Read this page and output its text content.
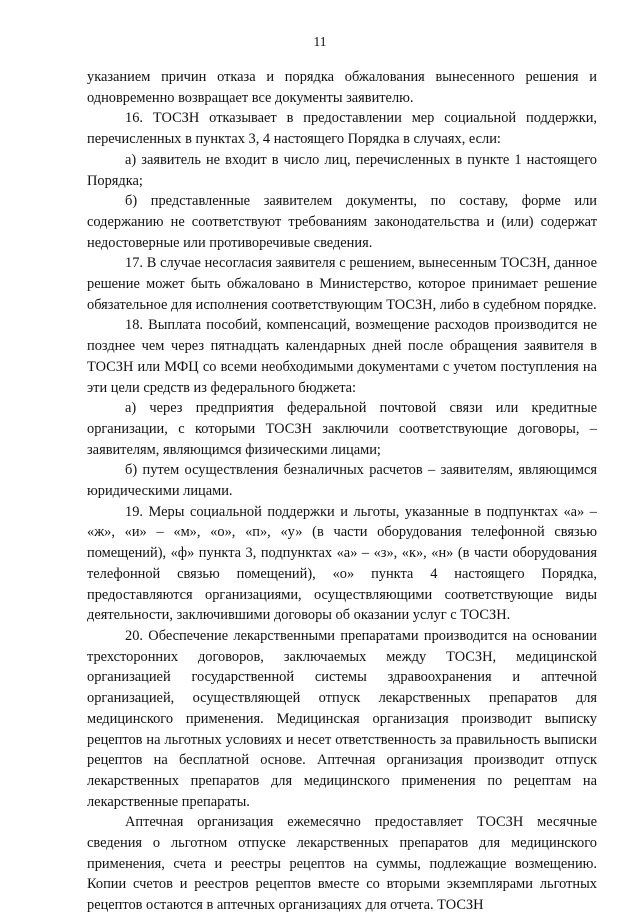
11

указанием причин отказа и порядка обжалования вынесенного решения и одновременно возвращает все документы заявителю.

16. ТОСЗН отказывает в предоставлении мер социальной поддержки, перечисленных в пунктах 3, 4 настоящего Порядка в случаях, если:

а) заявитель не входит в число лиц, перечисленных в пункте 1 настоящего Порядка;

б) представленные заявителем документы, по составу, форме или содержанию не соответствуют требованиям законодательства и (или) содержат недостоверные или противоречивые сведения.

17. В случае несогласия заявителя с решением, вынесенным ТОСЗН, данное решение может быть обжаловано в Министерство, которое принимает решение обязательное для исполнения соответствующим ТОСЗН, либо в судебном порядке.

18. Выплата пособий, компенсаций, возмещение расходов производится не позднее чем через пятнадцать календарных дней после обращения заявителя в ТОСЗН или МФЦ со всеми необходимыми документами с учетом поступления на эти цели средств из федерального бюджета:

а) через предприятия федеральной почтовой связи или кредитные организации, с которыми ТОСЗН заключили соответствующие договоры, – заявителям, являющимся физическими лицами;

б) путем осуществления безналичных расчетов – заявителям, являющимся юридическими лицами.

19. Меры социальной поддержки и льготы, указанные в подпунктах «а» – «ж», «и» – «м», «о», «п», «у» (в части оборудования телефонной связью помещений), «ф» пункта 3, подпунктах «а» – «з», «к», «н» (в части оборудования телефонной связью помещений), «о» пункта 4 настоящего Порядка, предоставляются организациями, осуществляющими соответствующие виды деятельности, заключившими договоры об оказании услуг с ТОСЗН.

20. Обеспечение лекарственными препаратами производится на основании трехсторонних договоров, заключаемых между ТОСЗН, медицинской организацией государственной системы здравоохранения и аптечной организацией, осуществляющей отпуск лекарственных препаратов для медицинского применения. Медицинская организация производит выписку рецептов на льготных условиях и несет ответственность за правильность выписки рецептов на бесплатной основе. Аптечная организация производит отпуск лекарственных препаратов для медицинского применения по рецептам на лекарственные препараты.

Аптечная организация ежемесячно предоставляет ТОСЗН месячные сведения о льготном отпуске лекарственных препаратов для медицинского применения, счета и реестры рецептов на суммы, подлежащие возмещению. Копии счетов и реестров рецептов вместе со вторыми экземплярами льготных рецептов остаются в аптечных организациях для отчета. ТОСЗН
